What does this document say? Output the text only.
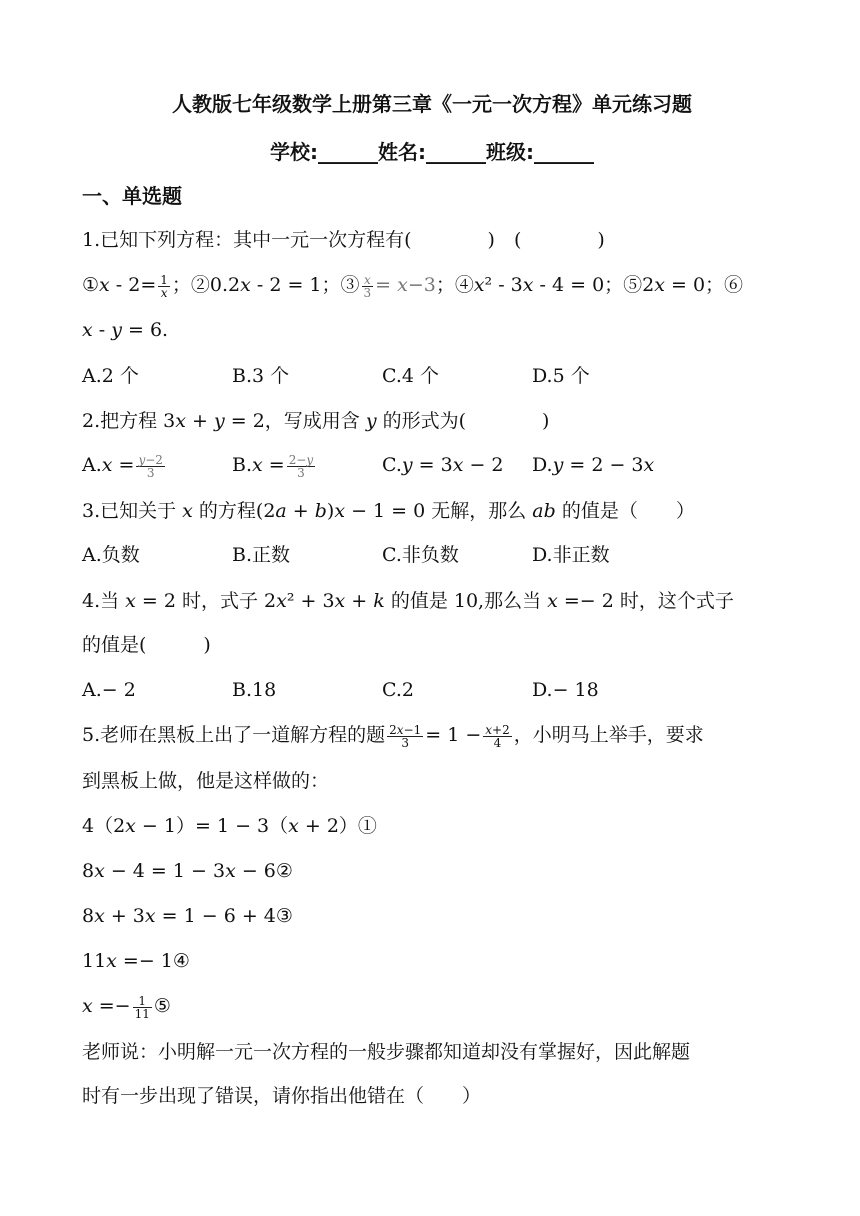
人教版七年级数学上册第三章《一元一次方程》单元练习题
学校:______姓名:______班级:______
一、单选题
1.已知下列方程：其中一元一次方程有(　　　　)　(　　　　)
①𝑥 - $2= \frac{1}{\text{𝑥}}$ ；②0.2𝑥 - 2 = 1；③ $\frac{\text{𝑥}}{3}$ = 𝑥−3；④𝑥² - 3𝑥 - 4 = 0；⑤2𝑥 = 0；⑥
𝑥 - 𝑦 = 6.
A.2 个	B.3 个	C.4 个	D.5 个
2.把方程 3𝑥 + 𝑦 = 2，写成用含 𝑦 的形式为(　　　　)
A.𝑥 = $\frac{\text{𝑦−2}}{3}$	B.𝑥 = $\frac{\text{2−𝑦}}{3}$	C.𝑦 = 3𝑥 − 2 D.𝑦 = 2 − 3𝑥
3.已知关于 𝑥 的方程(2𝑎 + 𝑏)𝑥 − 1 = 0 无解，那么 𝑎𝑏 的值是（　　）
A.负数	B.正数	C.非负数	D.非正数
4.当 𝑥 = 2 时，式子 2𝑥² + 3𝑥 + 𝑘 的值是 10,那么当 𝑥 =− 2 时，这个式子
的值是(　　　)
A.− 2	B.18	C.2	D.− 18
5.老师在黑板上出了一道解方程的题 $\frac{\text{2𝑥−1}}{3} = 1 - \frac{\text{𝑥+2}}{4}$ ，小明马上举手，要求
到黑板上做，他是这样做的：
4（2𝑥 − 1）= 1 − 3（𝑥 + 2）①
8𝑥 − 4 = 1 − 3𝑥 − 6②
8𝑥 + 3𝑥 = 1 − 6 + 4③
11𝑥 =− 1④
𝑥 =− $\frac{1}{11}$ ⑤
老师说：小明解一元一次方程的一般步骤都知道却没有掌握好，因此解题
时有一步出现了错误，请你指出他错在（　　）
